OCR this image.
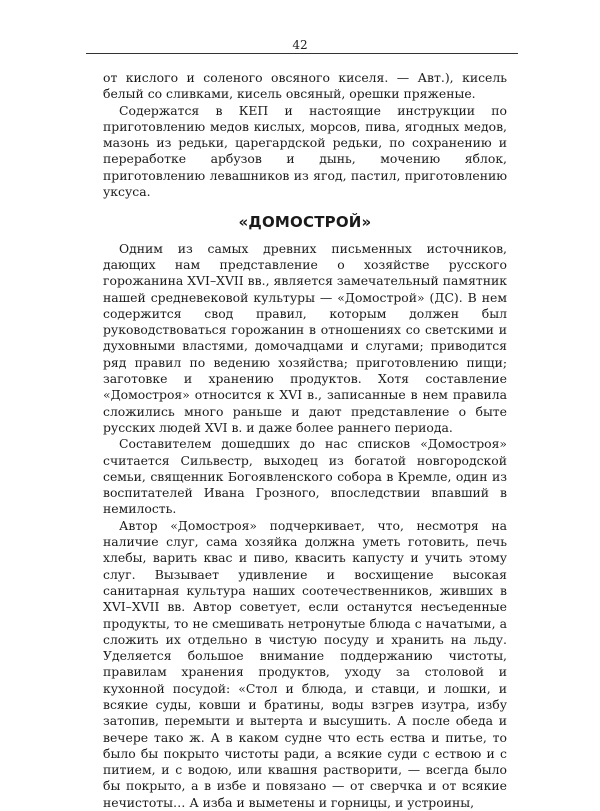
42

от кислого и соленого овсяного киселя. — Авт.), кисель белый со сливками, кисель овсяный, орешки пряженые.

Содержатся в КЕП и настоящие инструкции по приготовлению медов кислых, морсов, пива, ягодных медов, мазонь из редьки, царегардской редьки, по сохранению и переработке арбузов и дынь, мочению яблок, приготовлению левашников из ягод, пастил, приготовлению уксуса.

«ДОМОСТРОЙ»

Одним из самых древних письменных источников, дающих нам представление о хозяйстве русского горожанина XVI–XVII вв., является замечательный памятник нашей средневековой культуры — «Домострой» (ДС). В нем содержится свод правил, которым должен был руководствоваться горожанин в отношениях со светскими и духовными властями, домочадцами и слугами; приводится ряд правил по ведению хозяйства; приготовлению пищи; заготовке и хранению продуктов. Хотя составление «Домостроя» относится к XVI в., записанные в нем правила сложились много раньше и дают представление о быте русских людей XVI в. и даже более раннего периода.

Составителем дошедших до нас списков «Домостроя» считается Сильвестр, выходец из богатой новгородской семьи, священник Богоявленского собора в Кремле, один из воспитателей Ивана Грозного, впоследствии впавший в немилость.

Автор «Домостроя» подчеркивает, что, несмотря на наличие слуг, сама хозяйка должна уметь готовить, печь хлебы, варить квас и пиво, квасить капусту и учить этому слуг. Вызывает удивление и восхищение высокая санитарная культура наших соотечественников, живших в XVI–XVII вв. Автор советует, если останутся несъеденные продукты, то не смешивать нетронутые блюда с начатыми, а сложить их отдельно в чистую посуду и хранить на льду. Уделяется большое внимание поддержанию чистоты, правилам хранения продуктов, уходу за столовой и кухонной посудой: «Стол и блюда, и ставци, и лошки, и всякие суды, ковши и братины, воды взгрев изутра, избу затопив, перемыти и вытерта и высушить. А после обеда и вечере тако ж. А в каком судне что есть ествa и питье, то было бы покрыто чистоты ради, а всякие суди с ествою и с питием, и с водою, или квашня растворити, — всегда было бы покрыто, а в избе и повязано — от сверчка и от всякие нечистоты… А изба и выметены и горницы, и устроины,
